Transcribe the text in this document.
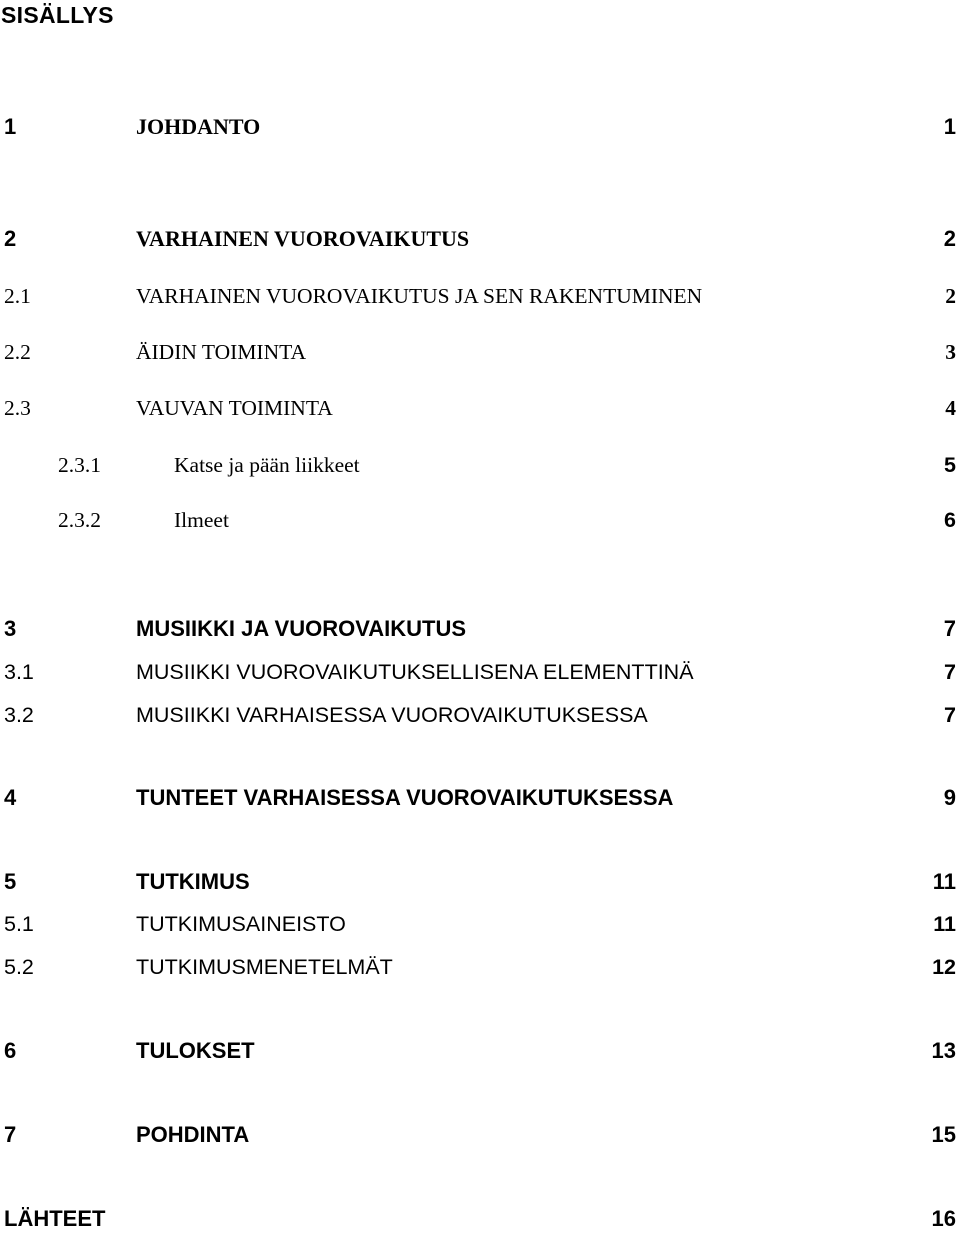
SISÄLLYS
1	JOHDANTO	1
2	VARHAINEN VUOROVAIKUTUS	2
2.1	VARHAINEN VUOROVAIKUTUS JA SEN RAKENTUMINEN	2
2.2	ÄIDIN TOIMINTA	3
2.3	VAUVAN TOIMINTA	4
2.3.1	Katse ja pään liikkeet	5
2.3.2	Ilmeet	6
3	MUSIIKKI JA VUOROVAIKUTUS	7
3.1	MUSIIKKI VUOROVAIKUTUKSELLISENA ELEMENTTINÄ	7
3.2	MUSIIKKI VARHAISESSA VUOROVAIKUTUKSESSA	7
4	TUNTEET VARHAISESSA VUOROVAIKUTUKSESSA	9
5	TUTKIMUS	11
5.1	TUTKIMUSAINEISTO	11
5.2	TUTKIMUSMENETELMÄT	12
6	TULOKSET	13
7	POHDINTA	15
LÄHTEET	16
